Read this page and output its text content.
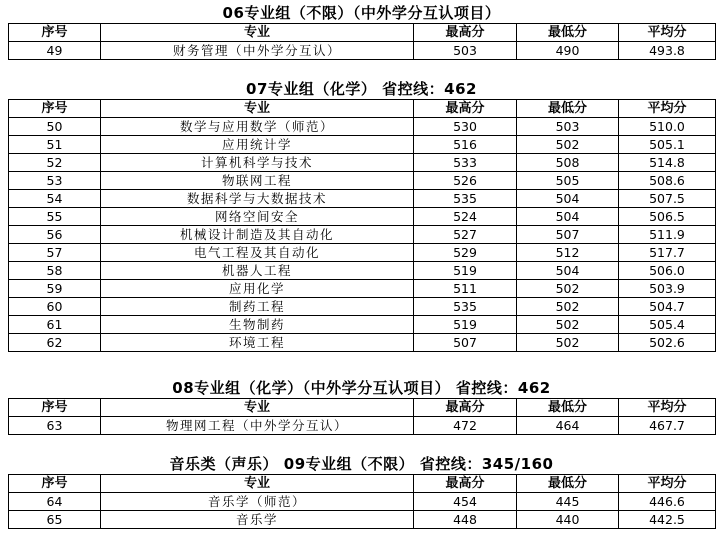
06专业组（不限）（中外学分互认项目）
序号	专业	最高分	最低分	平均分
49	财务管理（中外学分互认）	503	490	493.8
07专业组（化学） 省控线：462
序号	专业	最高分	最低分	平均分
50	数学与应用数学（师范）	530	503	510.0
51	应用统计学	516	502	505.1
52	计算机科学与技术	533	508	514.8
53	物联网工程	526	505	508.6
54	数据科学与大数据技术	535	504	507.5
55	网络空间安全	524	504	506.5
56	机械设计制造及其自动化	527	507	511.9
57	电气工程及其自动化	529	512	517.7
58	机器人工程	519	504	506.0
59	应用化学	511	502	503.9
60	制药工程	535	502	504.7
61	生物制药	519	502	505.4
62	环境工程	507	502	502.6
08专业组（化学）（中外学分互认项目） 省控线：462
序号	专业	最高分	最低分	平均分
63	物理网工程（中外学分互认）	472	464	467.7
音乐类（声乐） 09专业组（不限） 省控线：345/160
序号	专业	最高分	最低分	平均分
64	音乐学（师范）	454	445	446.6
65	音乐学	448	440	442.5
